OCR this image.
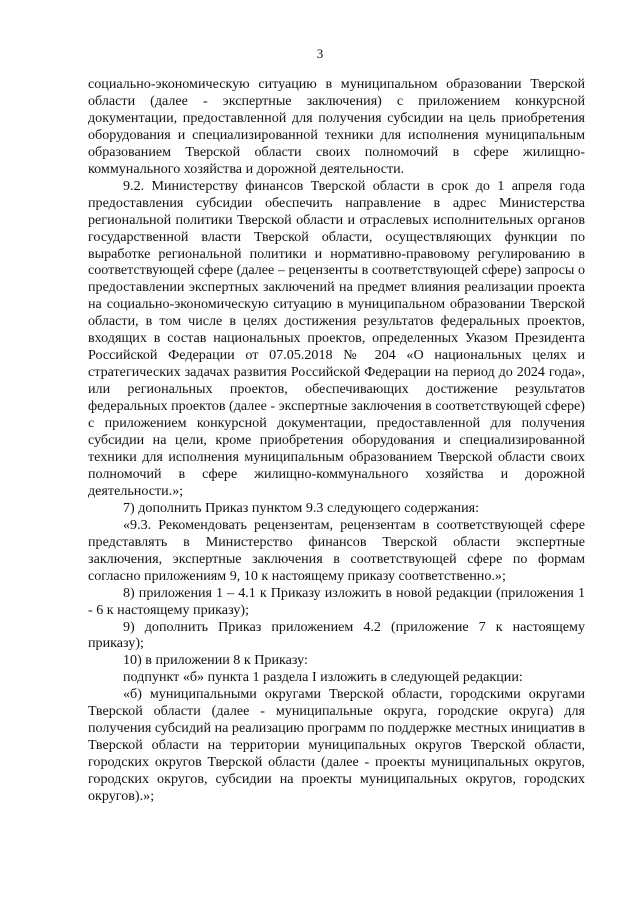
3

социально-экономическую ситуацию в муниципальном образовании Тверской области (далее - экспертные заключения) с приложением конкурсной документации, предоставленной для получения субсидии на цель приобретения оборудования и специализированной техники для исполнения муниципальным образованием Тверской области своих полномочий в сфере жилищно-коммунального хозяйства и дорожной деятельности.

9.2. Министерству финансов Тверской области в срок до 1 апреля года предоставления субсидии обеспечить направление в адрес Министерства региональной политики Тверской области и отраслевых исполнительных органов государственной власти Тверской области, осуществляющих функции по выработке региональной политики и нормативно-правовому регулированию в соответствующей сфере (далее – рецензенты в соответствующей сфере) запросы о предоставлении экспертных заключений на предмет влияния реализации проекта на социально-экономическую ситуацию в муниципальном образовании Тверской области, в том числе в целях достижения результатов федеральных проектов, входящих в состав национальных проектов, определенных Указом Президента Российской Федерации от 07.05.2018 № 204 «О национальных целях и стратегических задачах развития Российской Федерации на период до 2024 года», или региональных проектов, обеспечивающих достижение результатов федеральных проектов (далее - экспертные заключения в соответствующей сфере) с приложением конкурсной документации, предоставленной для получения субсидии на цели, кроме приобретения оборудования и специализированной техники для исполнения муниципальным образованием Тверской области своих полномочий в сфере жилищно-коммунального хозяйства и дорожной деятельности.»;

7) дополнить Приказ пунктом 9.3 следующего содержания:

«9.3. Рекомендовать рецензентам, рецензентам в соответствующей сфере представлять в Министерство финансов Тверской области экспертные заключения, экспертные заключения в соответствующей сфере по формам согласно приложениям 9, 10 к настоящему приказу соответственно.»;

8) приложения 1 – 4.1 к Приказу изложить в новой редакции (приложения 1 - 6 к настоящему приказу);

9) дополнить Приказ приложением 4.2 (приложение 7 к настоящему приказу);

10) в приложении 8 к Приказу:

подпункт «б» пункта 1 раздела I изложить в следующей редакции:

«б) муниципальными округами Тверской области, городскими округами Тверской области (далее - муниципальные округа, городские округа) для получения субсидий на реализацию программ по поддержке местных инициатив в Тверской области на территории муниципальных округов Тверской области, городских округов Тверской области (далее - проекты муниципальных округов, городских округов, субсидии на проекты муниципальных округов, городских округов).»;
